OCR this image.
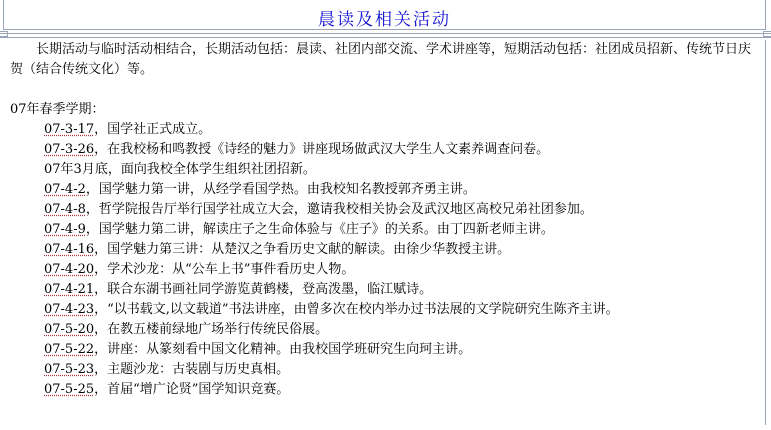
晨读及相关活动

长期活动与临时活动相结合，长期活动包括：晨读、社团内部交流、学术讲座等，短期活动包括：社团成员招新、传统节日庆贺（结合传统文化）等。

07年春季学期：

07-3-17，国学社正式成立。

07-3-26，在我校杨和鸣教授《诗经的魅力》讲座现场做武汉大学生人文素养调查问卷。

07年3月底，面向我校全体学生组织社团招新。

07-4-2，国学魅力第一讲，从经学看国学热。由我校知名教授郭齐勇主讲。

07-4-8，哲学院报告厅举行国学社成立大会，邀请我校相关协会及武汉地区高校兄弟社团参加。

07-4-9，国学魅力第二讲，解读庄子之生命体验与《庄子》的关系。由丁四新老师主讲。

07-4-16，国学魅力第三讲：从楚汉之争看历史文献的解读。由徐少华教授主讲。

07-4-20，学术沙龙：从“公车上书”事件看历史人物。

07-4-21，联合东湖书画社同学游览黄鹤楼，登高泼墨，临江赋诗。

07-4-23，“以书载文,以文载道”书法讲座，由曾多次在校内举办过书法展的文学院研究生陈齐主讲。

07-5-20，在教五楼前绿地广场举行传统民俗展。

07-5-22，讲座：从篆刻看中国文化精神。由我校国学班研究生向珂主讲。

07-5-23，主题沙龙：古装剧与历史真相。

07-5-25，首届“增广论贤”国学知识竞赛。
